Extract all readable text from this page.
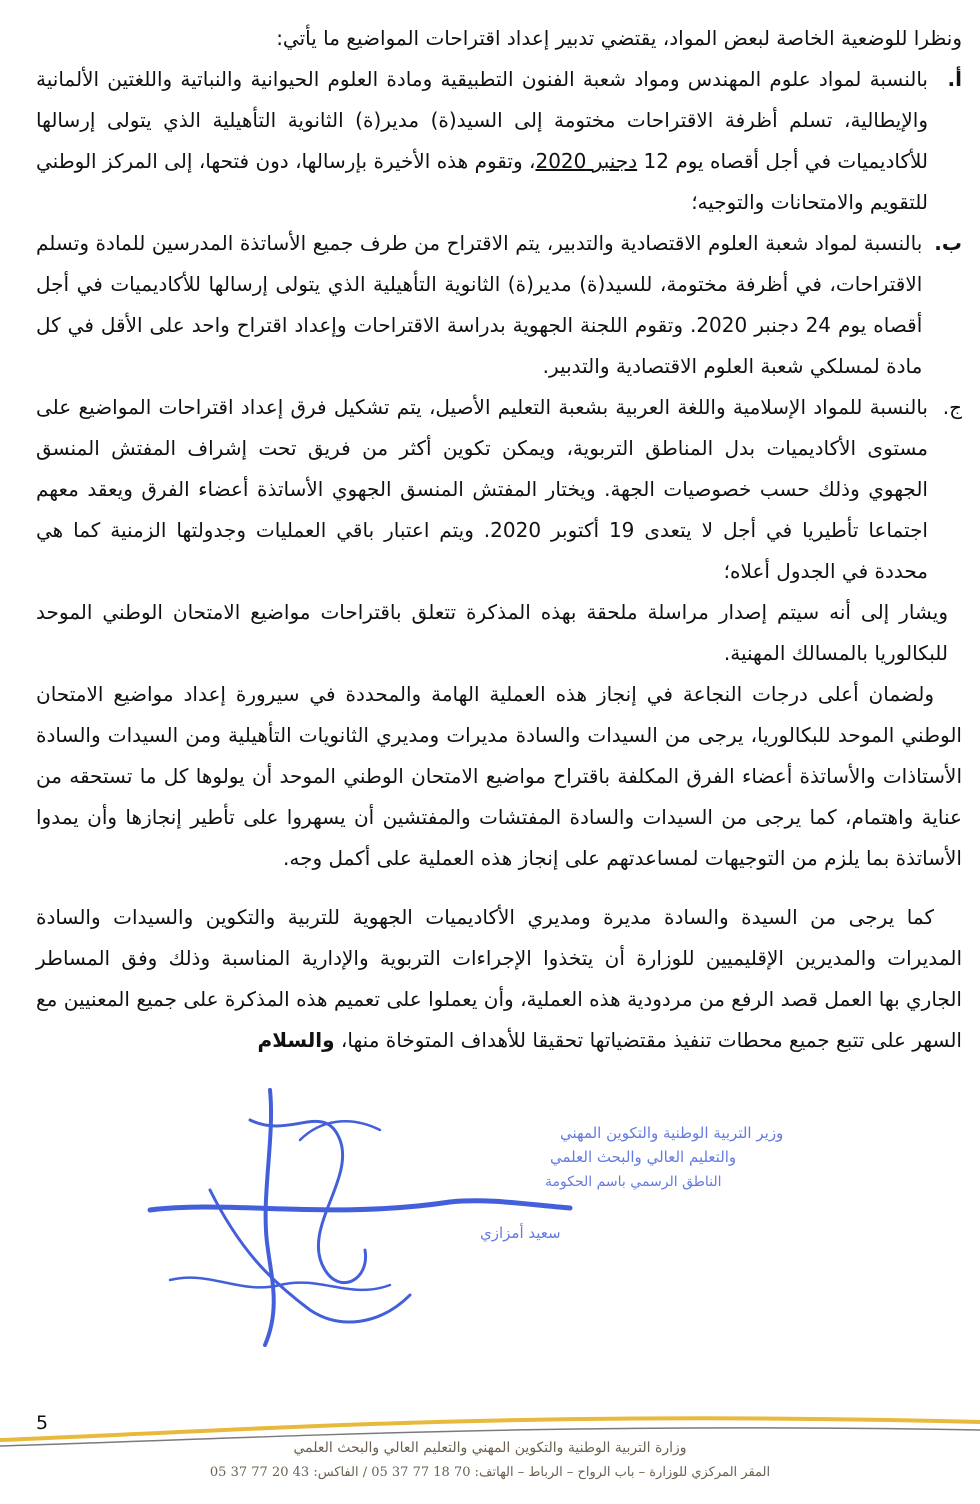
ونظرا للوضعية الخاصة لبعض المواد، يقتضي تدبير إعداد اقتراحات المواضيع ما يأتي:

أ.
بالنسبة لمواد علوم المهندس ومواد شعبة الفنون التطبيقية ومادة العلوم الحيوانية والنباتية واللغتين الألمانية والإيطالية، تسلم أظرفة الاقتراحات مختومة إلى السيد(ة) مدير(ة) الثانوية التأهيلية الذي يتولى إرسالها للأكاديميات في أجل أقصاه يوم 12 دجنبر 2020، وتقوم هذه الأخيرة بإرسالها، دون فتحها، إلى المركز الوطني للتقويم والامتحانات والتوجيه؛
ب.
بالنسبة لمواد شعبة العلوم الاقتصادية والتدبير، يتم الاقتراح من طرف جميع الأساتذة المدرسين للمادة وتسلم الاقتراحات، في أظرفة مختومة، للسيد(ة) مدير(ة) الثانوية التأهيلية الذي يتولى إرسالها للأكاديميات في أجل أقصاه يوم 24 دجنبر 2020. وتقوم اللجنة الجهوية بدراسة الاقتراحات وإعداد اقتراح واحد على الأقل في كل مادة لمسلكي شعبة العلوم الاقتصادية والتدبير.
ج.
بالنسبة للمواد الإسلامية واللغة العربية بشعبة التعليم الأصيل، يتم تشكيل فرق إعداد اقتراحات المواضيع على مستوى الأكاديميات بدل المناطق التربوية، ويمكن تكوين أكثر من فريق تحت إشراف المفتش المنسق الجهوي وذلك حسب خصوصيات الجهة. ويختار المفتش المنسق الجهوي الأساتذة أعضاء الفرق ويعقد معهم اجتماعا تأطيريا في أجل لا يتعدى 19 أكتوبر 2020. ويتم اعتبار باقي العمليات وجدولتها الزمنية كما هي محددة في الجدول أعلاه؛

ويشار إلى أنه سيتم إصدار مراسلة ملحقة بهذه المذكرة تتعلق باقتراحات مواضيع الامتحان الوطني الموحد للبكالوريا بالمسالك المهنية.

ولضمان أعلى درجات النجاعة في إنجاز هذه العملية الهامة والمحددة في سيرورة إعداد مواضيع الامتحان الوطني الموحد للبكالوريا، يرجى من السيدات والسادة مديرات ومديري الثانويات التأهيلية ومن السيدات والسادة الأستاذات والأساتذة أعضاء الفرق المكلفة باقتراح مواضيع الامتحان الوطني الموحد أن يولوها كل ما تستحقه من عناية واهتمام، كما يرجى من السيدات والسادة المفتشات والمفتشين أن يسهروا على تأطير إنجازها وأن يمدوا الأساتذة بما يلزم من التوجيهات لمساعدتهم على إنجاز هذه العملية على أكمل وجه.

كما يرجى من السيدة والسادة مديرة ومديري الأكاديميات الجهوية للتربية والتكوين والسيدات والسادة المديرات والمديرين الإقليميين للوزارة أن يتخذوا الإجراءات التربوية والإدارية المناسبة وذلك وفق المساطر الجاري بها العمل قصد الرفع من مردودية هذه العملية، وأن يعملوا على تعميم هذه المذكرة على جميع المعنيين مع السهر على تتبع جميع محطات تنفيذ مقتضياتها تحقيقا للأهداف المتوخاة منها، والسلام

وزير التربية الوطنية والتكوين المهني
والتعليم العالي والبحث العلمي
الناطق الرسمي باسم الحكومة
سعيد أمزازي
5
وزارة التربية الوطنية والتكوين المهني والتعليم العالي والبحث العلمي
المقر المركزي للوزارة – باب الرواح – الرباط – الهاتف: 70 18 77 37 05 / الفاكس: 43 20 77 37 05
